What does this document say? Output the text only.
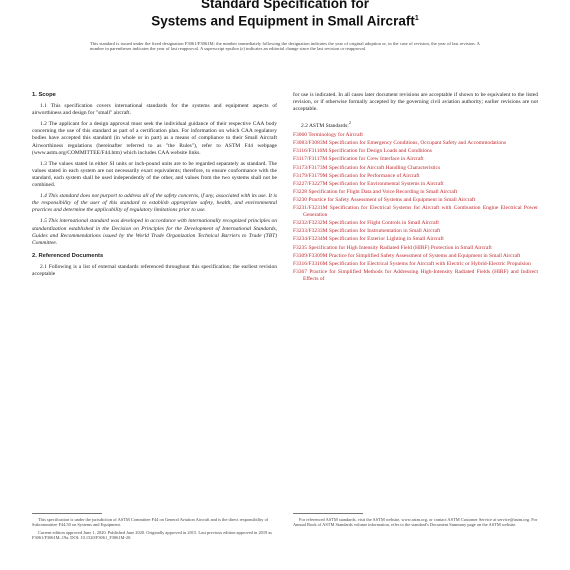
Standard Specification for
Systems and Equipment in Small Aircraft$^1$

This standard is issued under the fixed designation F3061/F3061M; the number immediately following the designation indicates the year of original adoption or, in the case of revision, the year of last revision. A number in parentheses indicates the year of last reapproval. A superscript epsilon (ε) indicates an editorial change since the last revision or reapproval.

1. Scope

1.1 This specification covers international standards for the systems and equipment aspects of airworthiness and design for "small" aircraft.

1.2 The applicant for a design approval must seek the individual guidance of their respective CAA body concerning the use of this standard as part of a certification plan. For information on which CAA regulatory bodies have accepted this standard (in whole or in part) as a means of compliance to their Small Aircraft Airworthiness regulations (hereinafter referred to as "the Rules"), refer to ASTM F44 webpage (www.astm.org/COMMITTEE/F44.htm) which includes CAA website links.

1.3 The values stated in either SI units or inch-pound units are to be regarded separately as standard. The values stated in each system are not necessarily exact equivalents; therefore, to ensure conformance with the standard, each system shall be used independently of the other, and values from the two systems shall not be combined.

1.4 This standard does not purport to address all of the safety concerns, if any, associated with its use. It is the responsibility of the user of this standard to establish appropriate safety, health, and environmental practices and determine the applicability of regulatory limitations prior to use.

1.5 This international standard was developed in accordance with internationally recognized principles on standardization established in the Decision on Principles for the Development of International Standards, Guides and Recommendations issued by the World Trade Organization Technical Barriers to Trade (TBT) Committee.

2. Referenced Documents

2.1 Following is a list of external standards referenced throughout this specification; the earliest revision acceptable

for use is indicated. In all cases later document revisions are acceptable if shown to be equivalent to the listed revision, or if otherwise formally accepted by the governing civil aviation authority; earlier revisions are not acceptable.

2.2 ASTM Standards:$^2$
F3060 Terminology for Aircraft
F3083/F3083M Specification for Emergency Conditions, Occupant Safety and Accommodations
F3116/F3116M Specification for Design Loads and Conditions
F3117/F3117M Specification for Crew Interface in Aircraft
F3173/F3173M Specification for Aircraft Handling Characteristics
F3179/F3179M Specification for Performance of Aircraft
F3227/F3227M Specification for Environmental Systems in Aircraft
F3228 Specification for Flight Data and Voice Recording in Small Aircraft
F3230 Practice for Safety Assessment of Systems and Equipment in Small Aircraft
F3231/F3231M Specification for Electrical Systems for Aircraft with Combustion Engine Electrical Power Generation
F3232/F3232M Specification for Flight Controls in Small Aircraft
F3233/F3233M Specification for Instrumentation in Small Aircraft
F3234/F3234M Specification for Exterior Lighting in Small Aircraft
F3235 Specification for High Intensity Radiated Field (HIRF) Protection in Small Aircraft
F3309/F3309M Practice for Simplified Safety Assessment of Systems and Equipment in Small Aircraft
F3316/F3316M Specification for Electrical Systems for Aircraft with Electric or Hybrid-Electric Propulsion
F3367 Practice for Simplified Methods for Addressing High-Intensity Radiated Fields (HIRF) and Indirect Effects of

This specification is under the jurisdiction of ASTM Committee F44 on General Aviation Aircraft and is the direct responsibility of Subcommittee F44.50 on Systems and Equipment.

Current edition approved June 1, 2020. Published June 2020. Originally approved in 2015. Last previous edition approved in 2019 as F3061/F3061M–19a. DOI: 10.1520/F3061_F3061M-20.

For referenced ASTM standards, visit the ASTM website, www.astm.org, or contact ASTM Customer Service at service@astm.org. For Annual Book of ASTM Standards volume information, refer to the standard's Document Summary page on the ASTM website.
